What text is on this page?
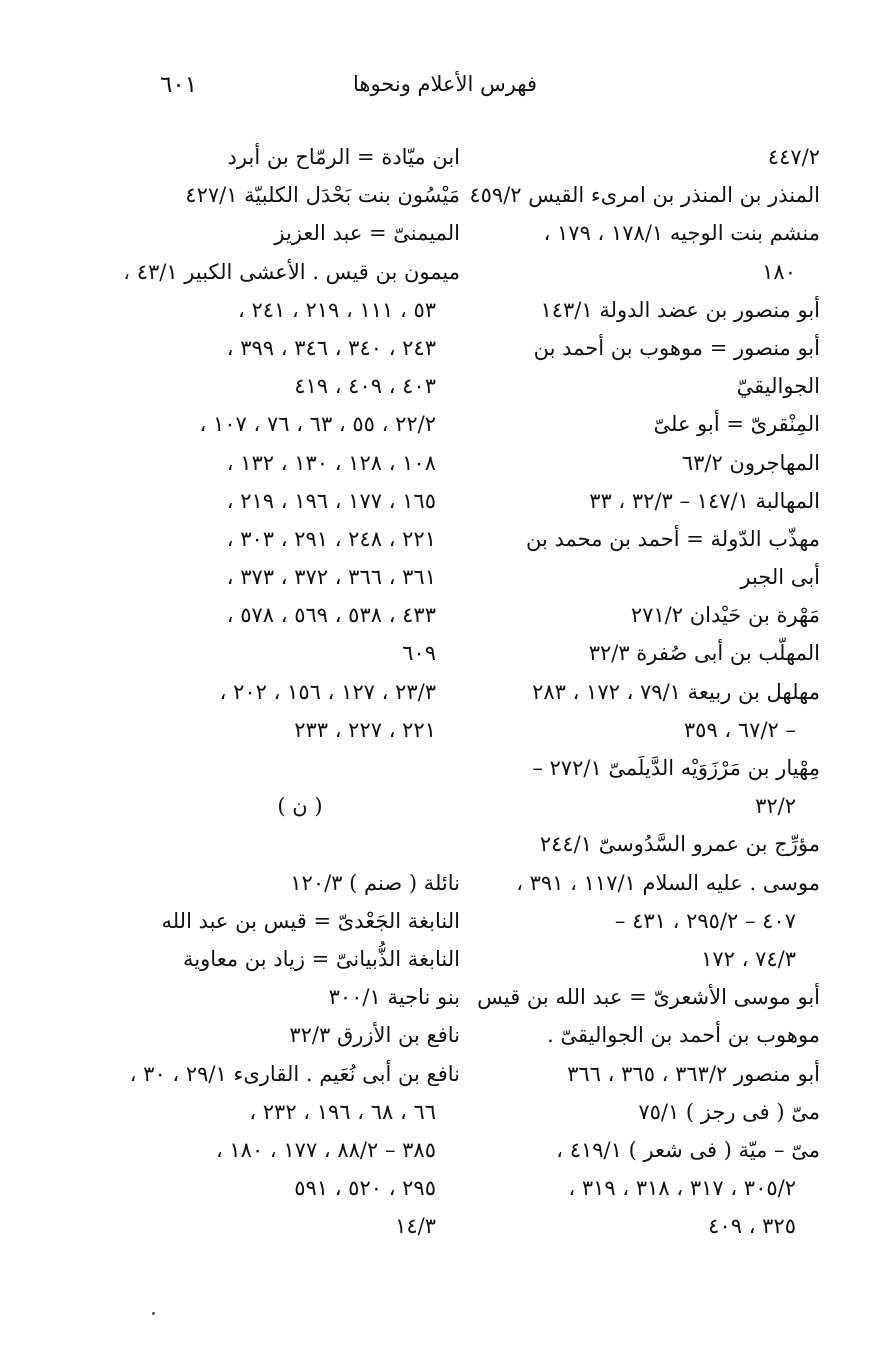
٦٠١	فهرس الأعلام ونحوها
٤٤٧/٢
المنذر بن المنذر بن امرىء القيس ٤٥٩/٢
منشم بنت الوجيه ١٧٨/١ ، ١٧٩ ،
١٨٠
أبو منصور بن عضد الدولة ١٤٣/١
أبو منصور = موهوب بن أحمد بن
الجواليقيّ
المِنْقرىّ = أبو علىّ
المهاجرون ٦٣/٢
المهالبة ١٤٧/١ – ٣٢/٣ ، ٣٣
مهذّب الدّولة = أحمد بن محمد بن
أبى الجبر
مَهْرة بن حَيْدان ٢٧١/٢
المهلّب بن أبى صُفرة ٣٢/٣
مهلهل بن ربيعة ٧٩/١ ، ١٧٢ ، ٢٨٣
– ٦٧/٢ ، ٣٥٩
مِهْيار بن مَرْزَوَيْه الدَّيلَمىّ ٢٧٢/١ –
٣٢/٢
مؤرِّج بن عمرو السَّدُوسىّ ٢٤٤/١
موسى . عليه السلام ١١٧/١ ، ٣٩١ ،
٤٠٧ – ٢٩٥/٢ ، ٤٣١ –
٧٤/٣ ، ١٧٢
أبو موسى الأشعرىّ = عبد الله بن قيس
موهوب بن أحمد بن الجواليقىّ .
أبو منصور ٣٦٣/٢ ، ٣٦٥ ، ٣٦٦
مىّ ( فى رجز ) ٧٥/١
مىّ – ميّة ( فى شعر ) ٤١٩/١ ،
٣٠٥/٢ ، ٣١٧ ، ٣١٨ ، ٣١٩ ،
٣٢٥ ، ٤٠٩
ابن ميّادة = الرمّاح بن أبرد
مَيْسُون بنت بَحْدَل الكلبيّة ٤٢٧/١
الميمنىّ = عبد العزيز
ميمون بن قيس . الأعشى الكبير ٤٣/١ ،
٥٣ ، ١١١ ، ٢١٩ ، ٢٤١ ،
٢٤٣ ، ٣٤٠ ، ٣٤٦ ، ٣٩٩ ،
٤٠٣ ، ٤٠٩ ، ٤١٩
٢٢/٢ ، ٥٥ ، ٦٣ ، ٧٦ ، ١٠٧ ،
١٠٨ ، ١٢٨ ، ١٣٠ ، ١٣٢ ،
١٦٥ ، ١٧٧ ، ١٩٦ ، ٢١٩ ،
٢٢١ ، ٢٤٨ ، ٢٩١ ، ٣٠٣ ،
٣٦١ ، ٣٦٦ ، ٣٧٢ ، ٣٧٣ ،
٤٣٣ ، ٥٣٨ ، ٥٦٩ ، ٥٧٨ ،
٦٠٩
٢٣/٣ ، ١٢٧ ، ١٥٦ ، ٢٠٢ ،
٢٢١ ، ٢٢٧ ، ٢٣٣
( ن )
نائلة ( صنم ) ١٢٠/٣
النابغة الجَعْدىّ = قيس بن عبد الله
النابغة الذُّبيانىّ = زياد بن معاوية
بنو ناجية ٣٠٠/١
نافع بن الأزرق ٣٢/٣
نافع بن أبى نُعَيم . القارىء ٢٩/١ ، ٣٠ ،
٦٦ ، ٦٨ ، ١٩٦ ، ٢٣٢ ،
٣٨٥ – ٨٨/٢ ، ١٧٧ ، ١٨٠ ،
٢٩٥ ، ٥٢٠ ، ٥٩١
١٤/٣
